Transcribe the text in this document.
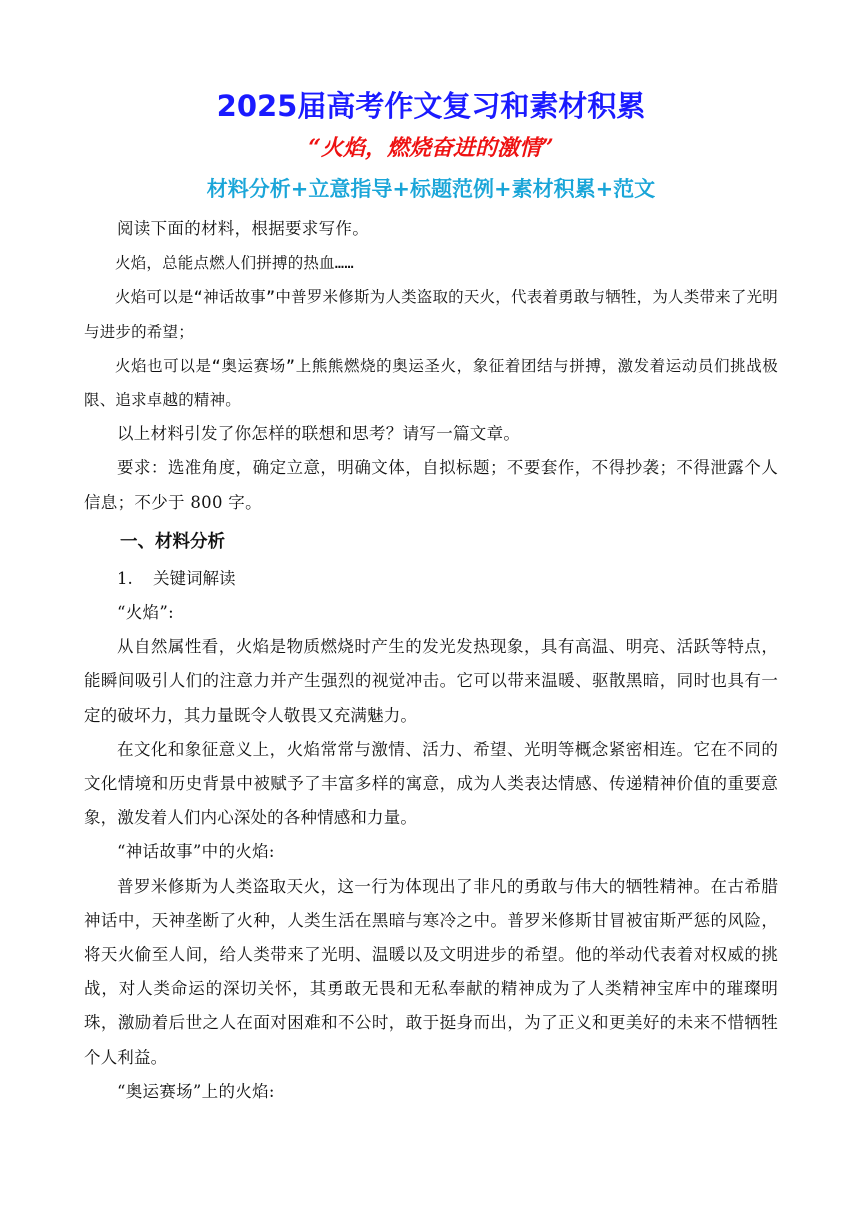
2025届高考作文复习和素材积累
“火焰，燃烧奋进的激情”
材料分析+立意指导+标题范例+素材积累+范文

阅读下面的材料，根据要求写作。

火焰，总能点燃人们拼搏的热血……

火焰可以是“神话故事”中普罗米修斯为人类盗取的天火，代表着勇敢与牺牲，为人类带来了光明与进步的希望；

火焰也可以是“奥运赛场”上熊熊燃烧的奥运圣火，象征着团结与拼搏，激发着运动员们挑战极限、追求卓越的精神。

以上材料引发了你怎样的联想和思考？请写一篇文章。

要求：选准角度，确定立意，明确文体，自拟标题；不要套作，不得抄袭；不得泄露个人信息；不少于 800 字。

一、材料分析

1. 关键词解读

“火焰”:

从自然属性看，火焰是物质燃烧时产生的发光发热现象，具有高温、明亮、活跃等特点，能瞬间吸引人们的注意力并产生强烈的视觉冲击。它可以带来温暖、驱散黑暗，同时也具有一定的破坏力，其力量既令人敬畏又充满魅力。

在文化和象征意义上，火焰常常与激情、活力、希望、光明等概念紧密相连。它在不同的文化情境和历史背景中被赋予了丰富多样的寓意，成为人类表达情感、传递精神价值的重要意象，激发着人们内心深处的各种情感和力量。

“神话故事”中的火焰:

普罗米修斯为人类盗取天火，这一行为体现出了非凡的勇敢与伟大的牺牲精神。在古希腊神话中，天神垄断了火种，人类生活在黑暗与寒冷之中。普罗米修斯甘冒被宙斯严惩的风险，将天火偷至人间，给人类带来了光明、温暖以及文明进步的希望。他的举动代表着对权威的挑战，对人类命运的深切关怀，其勇敢无畏和无私奉献的精神成为了人类精神宝库中的璀璨明珠，激励着后世之人在面对困难和不公时，敢于挺身而出，为了正义和更美好的未来不惜牺牲个人利益。

“奥运赛场”上的火焰:
